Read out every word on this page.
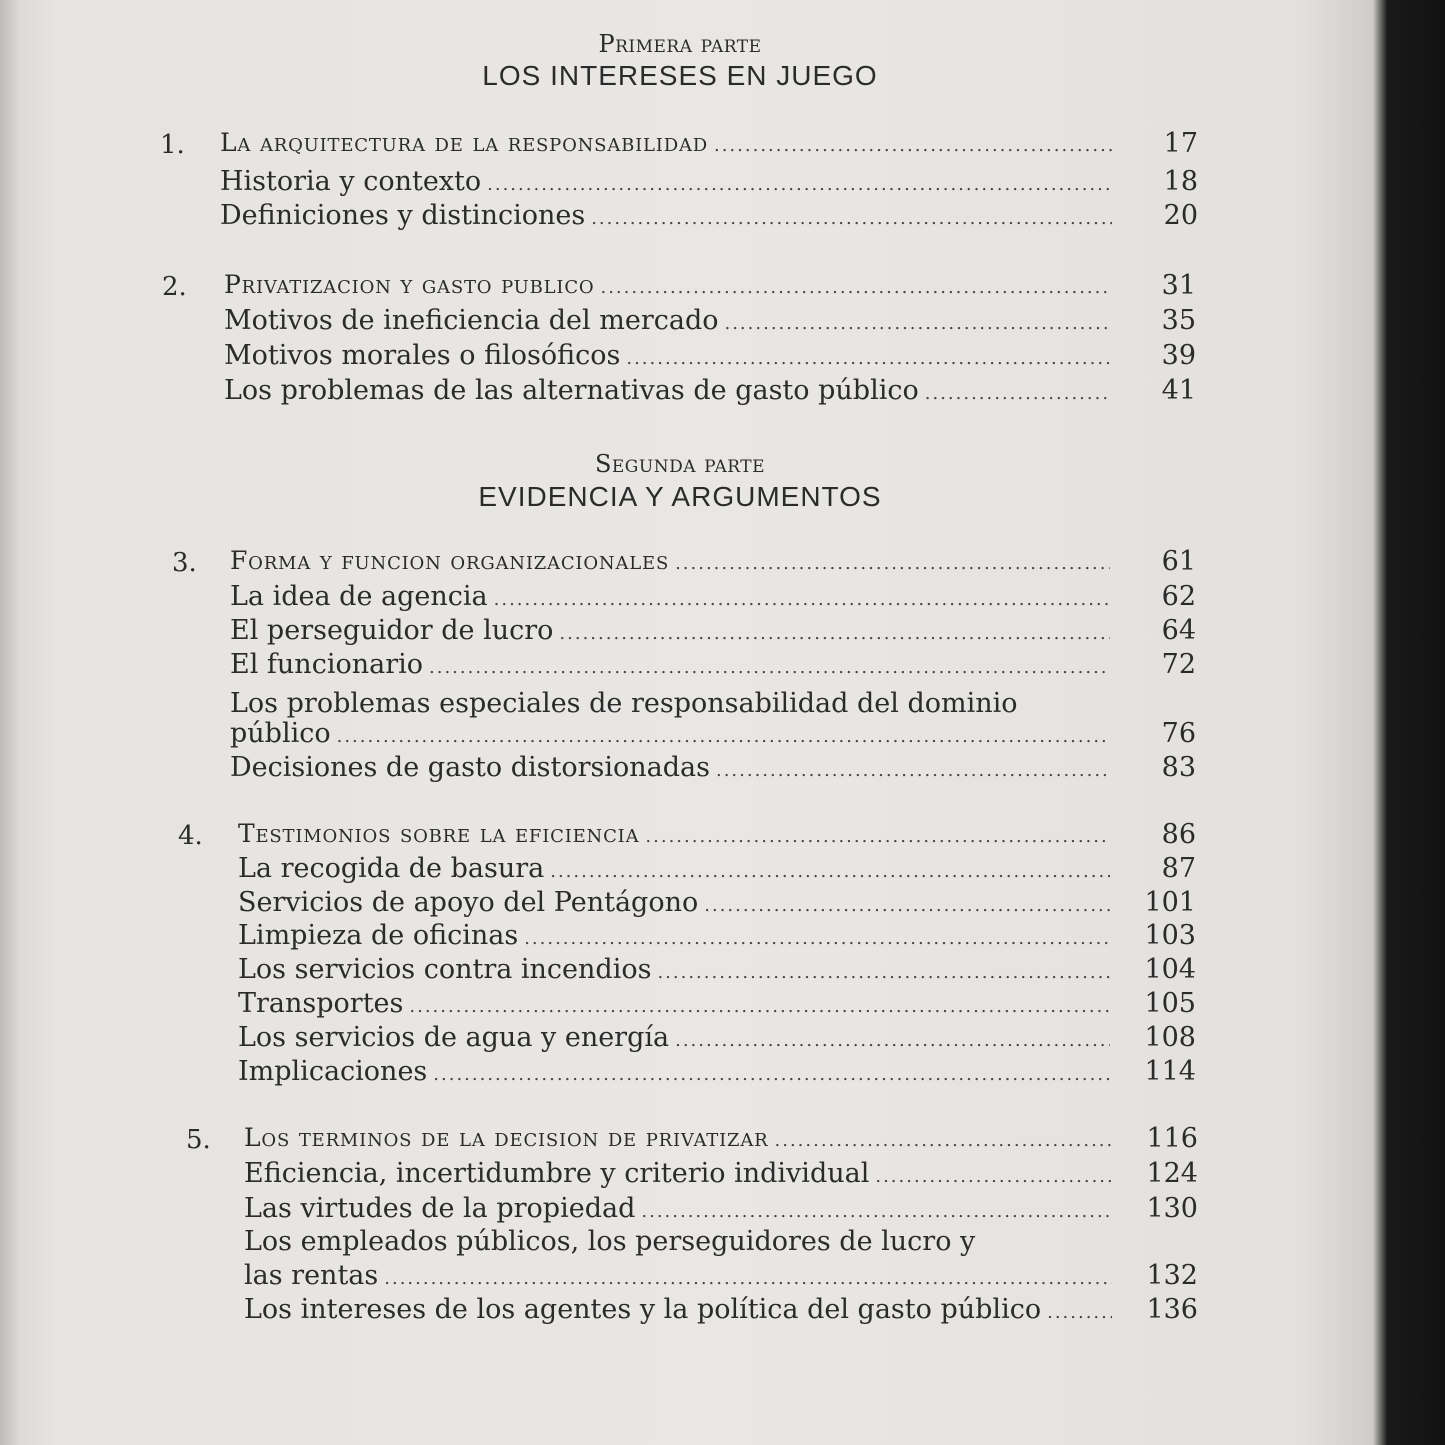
Primera parte
LOS INTERESES EN JUEGO
Segunda parte
EVIDENCIA Y ARGUMENTOS
1. La arquitectura de la responsabilidad .....	17
Historia y contexto .....	18
Definiciones y distinciones .....	20
2. Privatizacion y gasto publico .....	31
Motivos de ineficiencia del mercado .....	35
Motivos morales o filosóficos .....	39
Los problemas de las alternativas de gasto público .....	41
3. Forma y funcion organizacionales .....	61
La idea de agencia .....	62
El perseguidor de lucro .....	64
El funcionario .....	72
Los problemas especiales de responsabilidad del dominio
público .....	76
Decisiones de gasto distorsionadas .....	83
4. Testimonios sobre la eficiencia .....	86
La recogida de basura .....	87
Servicios de apoyo del Pentágono .....	101
Limpieza de oficinas .....	103
Los servicios contra incendios .....	104
Transportes .....	105
Los servicios de agua y energía .....	108
Implicaciones .....	114
5. Los terminos de la decision de privatizar .....	116
Eficiencia, incertidumbre y criterio individual .....	124
Las virtudes de la propiedad .....	130
Los empleados públicos, los perseguidores de lucro y
las rentas .....	132
Los intereses de los agentes y la política del gasto público .....	136
